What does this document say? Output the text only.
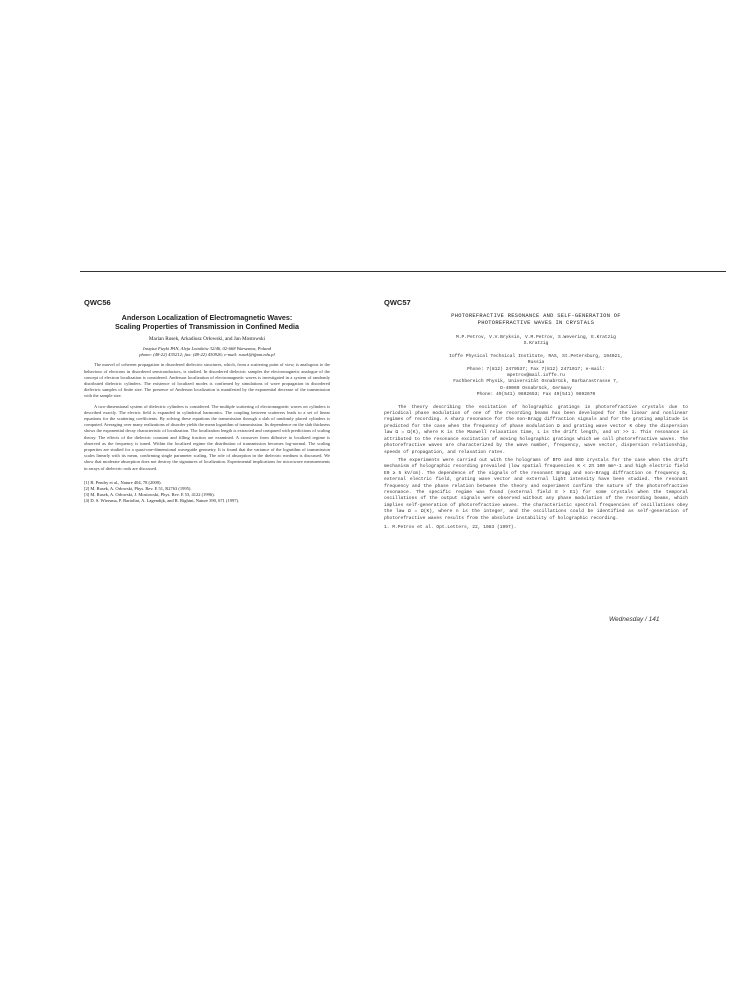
QWC56
Anderson Localization of Electromagnetic Waves:
Scaling Properties of Transmission in Confined Media
Marian Rusek, Arkadiusz Orłowski, and Jan Mostowski
Instytut Fizyki PAN, Aleja Lotników 32/46, 02-668 Warszawa, Poland
phone: (48-22) 435212; fax: (48-22) 430926; e-mail: rusek@ifpan.edu.pl

The marvel of coherent propagation in disordered dielectric structures, which, from a scattering point of view, is analogous to the behaviour of electrons in disordered semiconductors, is studied. In disordered dielectric samples the electromagnetic analogue of the concept of electron localization is considered. Anderson localization of electromagnetic waves is investigated in a system of randomly distributed dielectric cylinders. The existence of localized modes is confirmed by simulations of wave propagation in disordered dielectric samples of finite size. The presence of Anderson localization is manifested by the exponential decrease of the transmission with the sample size.

A two-dimensional system of dielectric cylinders is considered. The multiple scattering of electromagnetic waves on cylinders is described exactly. The electric field is expanded in cylindrical harmonics. The coupling between scatterers leads to a set of linear equations for the scattering coefficients. By solving these equations the transmission through a slab of randomly placed cylinders is computed. Averaging over many realizations of disorder yields the mean logarithm of transmission. Its dependence on the slab thickness shows the exponential decay characteristic of localization. The localization length is extracted and compared with predictions of scaling theory. The effects of the dielectric constant and filling fraction are examined. A crossover from diffusive to localized regime is observed as the frequency is tuned. Within the localized regime the distribution of transmission becomes log-normal. The scaling properties are studied for a quasi-one-dimensional waveguide geometry. It is found that the variance of the logarithm of transmission scales linearly with its mean, confirming single parameter scaling. The role of absorption in the dielectric medium is discussed. We show that moderate absorption does not destroy the signatures of localization. Experimental implications for microwave measurements in arrays of dielectric rods are discussed.

[1] B. Pendry et al., Nature 404, 78 (2000).
[2] M. Rusek, A. Orłowski, Phys. Rev. E 51, R2763 (1995).
[3] M. Rusek, A. Orłowski, J. Mostowski, Phys. Rev. E 53, 4122 (1996).
[4] D. S. Wiersma, P. Bartolini, A. Lagendijk, and R. Righini, Nature 390, 671 (1997).
QWC57
PHOTOREFRACTIVE RESONANCE AND SELF-GENERATION OF
PHOTOREFRACTIVE WAVES IN CRYSTALS
M.P.Petrov, V.V.Bryksin, V.M.Petrov, S.Wevering, E.Kratzig
S.Kratzig
Ioffe Physical Technical Institute, RAS, St.Petersburg, 194021,
Russia
Phone: 7(812) 2479537; Fax 7(812) 2471017; e-mail:
mpetrov@mail.ioffe.ru
Fachbereich Physik, Universität Osnabrück, Barbarastrasse 7,
D-49069 Osnabrück, Germany
Phone: 49(541) 9692653; Fax 49(541) 9692670
The theory describing the excitation of holographic gratings in photorefractive crystals due to periodical phase modulation of one of the recording beams has been developed for the linear and nonlinear regimes of recording. A sharp resonance for the non-Bragg diffraction signals and for the grating amplitude is predicted for the case when the frequency of phase modulation Ω and grating wave vector K obey the dispersion law Ω = Ω(K), where K is the Maxwell relaxation time, L is the drift length, and ωτ >> 1. This resonance is attributed to the resonance excitation of moving holographic gratings which we call photorefractive waves. The photorefractive waves are characterized by the wave number, frequency, wave vector, dispersion relationship, speeds of propagation, and relaxation rates.
The experiments were carried out with the holograms of BTO and BSO crystals for the case when the drift mechanism of holographic recording prevailed (low spatial frequencies K < 2π 100 mm^-1 and high electric field E0 ≥ 5 kV/cm). The dependence of the signals of the resonant Bragg and non-Bragg diffraction on frequency Ω, external electric field, grating wave vector and external light intensity have been studied. The resonant frequency and the phase relation between the theory and experiment confirm the nature of the photorefractive resonance. The specific regime was found (external field E > E1) for some crystals when the temporal oscillations of the output signals were observed without any phase modulation of the recording beams, which implies self-generation of photorefractive waves. The characteristic spectral frequencies of oscillations obey the law Ω = Ω(K), where n is the integer, and the oscillations could be identified as self-generation of photorefractive waves results from the absolute instability of holographic recording.
1. M.Petrov et al. Opt.Letters, 22, 1083 (1997).
Wednesday / 141
